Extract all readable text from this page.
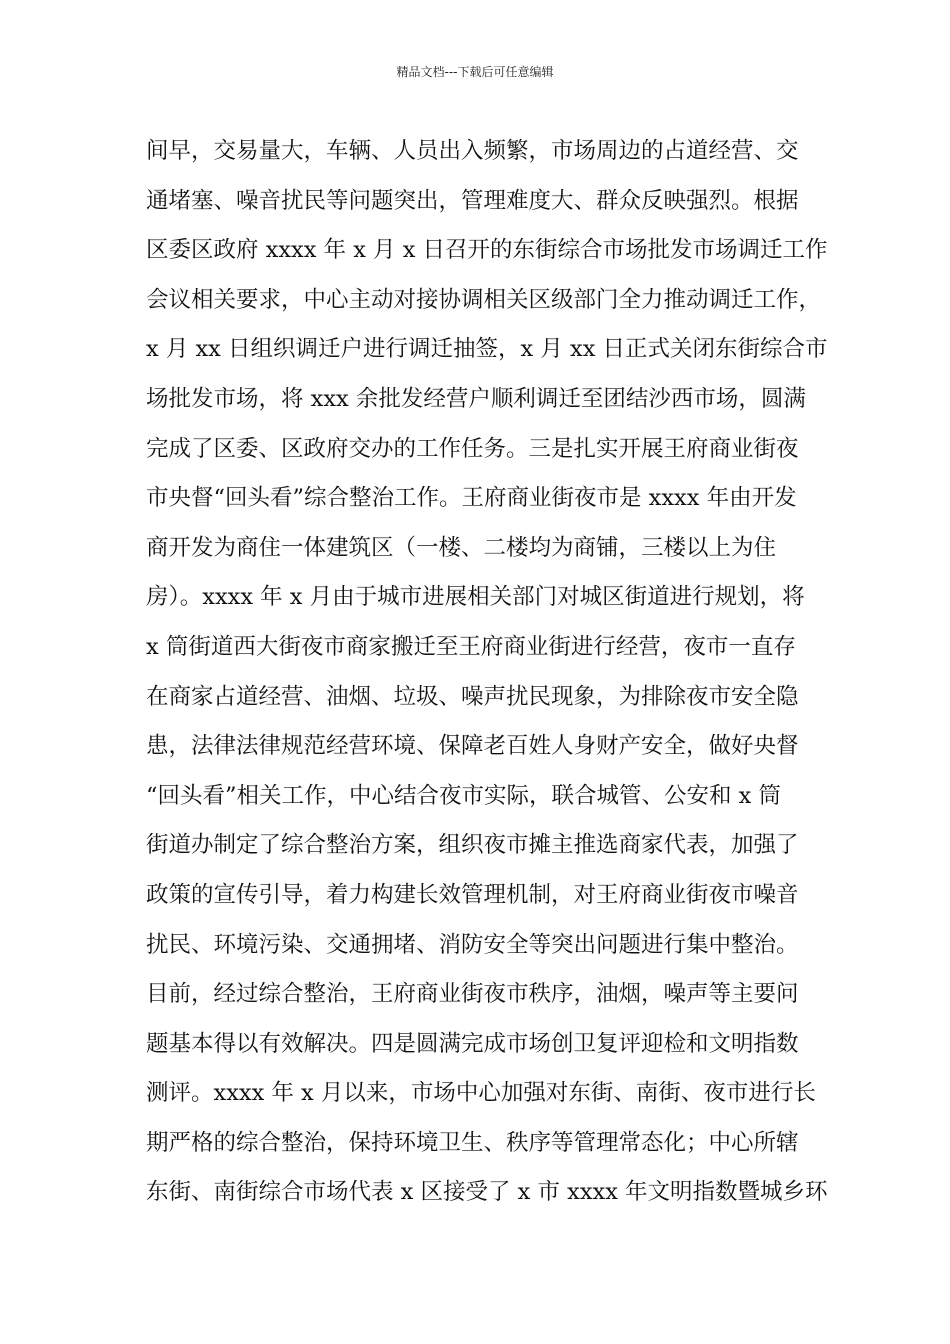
精品文档---下载后可任意编辑
间早，交易量大，车辆、人员出入频繁，市场周边的占道经营、交
通堵塞、噪音扰民等问题突出，管理难度大、群众反映强烈。根据
区委区政府 xxxx 年 x 月 x 日召开的东街综合市场批发市场调迁工作
会议相关要求，中心主动对接协调相关区级部门全力推动调迁工作，
x 月 xx 日组织调迁户进行调迁抽签，x 月 xx 日正式关闭东街综合市
场批发市场，将 xxx 余批发经营户顺利调迁至团结沙西市场，圆满
完成了区委、区政府交办的工作任务。三是扎实开展王府商业街夜
市央督“回头看”综合整治工作。王府商业街夜市是 xxxx 年由开发
商开发为商住一体建筑区（一楼、二楼均为商铺，三楼以上为住
房）。xxxx 年 x 月由于城市进展相关部门对城区街道进行规划，将
x 筒街道西大街夜市商家搬迁至王府商业街进行经营，夜市一直存
在商家占道经营、油烟、垃圾、噪声扰民现象，为排除夜市安全隐
患，法律法律规范经营环境、保障老百姓人身财产安全，做好央督
“回头看”相关工作，中心结合夜市实际，联合城管、公安和 x 筒
街道办制定了综合整治方案，组织夜市摊主推选商家代表，加强了
政策的宣传引导，着力构建长效管理机制，对王府商业街夜市噪音
扰民、环境污染、交通拥堵、消防安全等突出问题进行集中整治。
目前，经过综合整治，王府商业街夜市秩序，油烟，噪声等主要问
题基本得以有效解决。四是圆满完成市场创卫复评迎检和文明指数
测评。xxxx 年 x 月以来，市场中心加强对东街、南街、夜市进行长
期严格的综合整治，保持环境卫生、秩序等管理常态化；中心所辖
东街、南街综合市场代表 x 区接受了 x 市 xxxx 年文明指数暨城乡环
